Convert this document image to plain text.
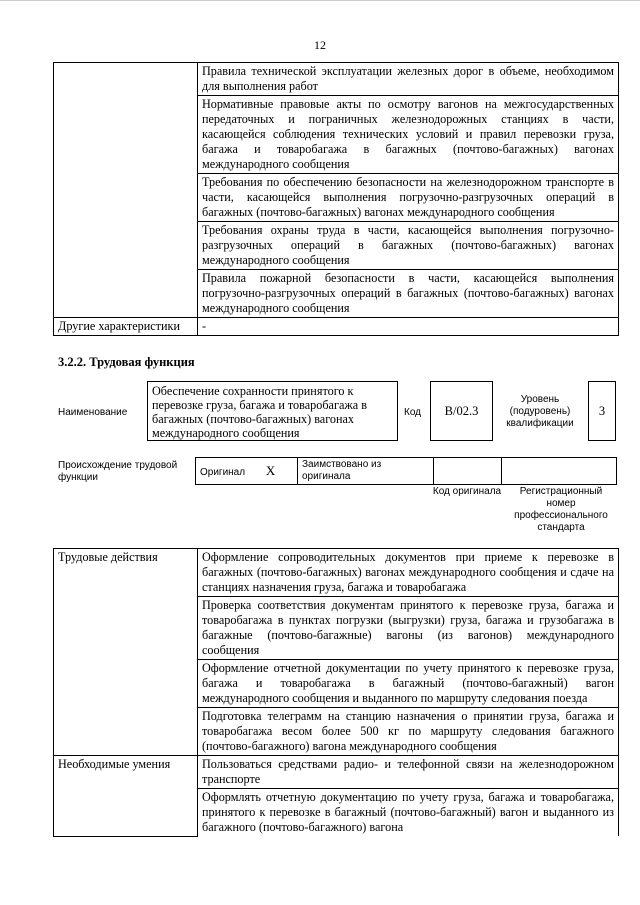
12
	Правила технической эксплуатации железных дорог в объеме, необходимом для выполнения работ
	Нормативные правовые акты по осмотру вагонов на межгосударственных передаточных и пограничных железнодорожных станциях в части, касающейся соблюдения технических условий и правил перевозки груза, багажа и товаробагажа в багажных (почтово-багажных) вагонах международного сообщения
	Требования по обеспечению безопасности на железнодорожном транспорте в части, касающейся выполнения погрузочно-разгрузочных операций в багажных (почтово-багажных) вагонах международного сообщения
	Требования охраны труда в части, касающейся выполнения погрузочно-разгрузочных операций в багажных (почтово-багажных) вагонах международного сообщения
	Правила пожарной безопасности в части, касающейся выполнения погрузочно-разгрузочных операций в багажных (почтово-багажных) вагонах международного сообщения
Другие характеристики	-
3.2.2. Трудовая функция
Наименование
Обеспечение сохранности принятого к перевозке груза, багажа и товаробагажа в багажных (почтово-багажных) вагонах международного сообщения
Код	B/02.3
Уровень (подуровень) квалификации
3
Происхождение трудовой функции	Оригинал X	Заимствовано из оригинала		
Код оригинала	Регистрационный номер профессионального стандарта
Трудовые действия	Оформление сопроводительных документов при приеме к перевозке в багажных (почтово-багажных) вагонах международного сообщения и сдаче на станциях назначения груза, багажа и товаробагажа
	Проверка соответствия документам принятого к перевозке груза, багажа и товаробагажа в пунктах погрузки (выгрузки) груза, багажа и грузобагажа в багажные (почтово-багажные) вагоны (из вагонов) международного сообщения
	Оформление отчетной документации по учету принятого к перевозке груза, багажа и товаробагажа в багажный (почтово-багажный) вагон международного сообщения и выданного по маршруту следования поезда
	Подготовка телеграмм на станцию назначения о принятии груза, багажа и товаробагажа весом более 500 кг по маршруту следования багажного (почтово-багажного) вагона международного сообщения
Необходимые умения	Пользоваться средствами радио- и телефонной связи на железнодорожном транспорте
	Оформлять отчетную документацию по учету груза, багажа и товаробагажа, принятого к перевозке в багажный (почтово-багажный) вагон и выданного из багажного (почтово-багажного) вагона
